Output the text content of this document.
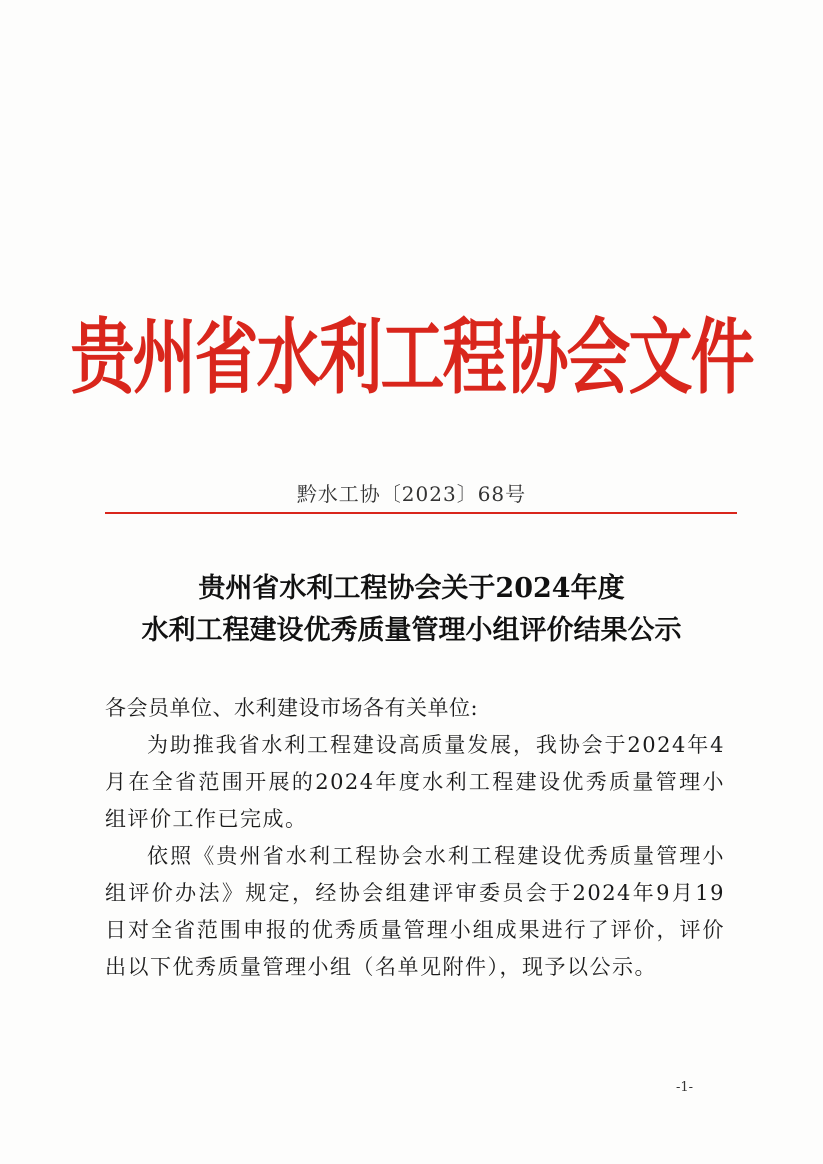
贵州省水利工程协会文件
黔水工协〔2023〕68号
贵州省水利工程协会关于2024年度
水利工程建设优秀质量管理小组评价结果公示

各会员单位、水利建设市场各有关单位:

为助推我省水利工程建设高质量发展，我协会于2024年4月在全省范围开展的2024年度水利工程建设优秀质量管理小组评价工作已完成。

依照《贵州省水利工程协会水利工程建设优秀质量管理小组评价办法》规定，经协会组建评审委员会于2024年9月19日对全省范围申报的优秀质量管理小组成果进行了评价，评价出以下优秀质量管理小组（名单见附件），现予以公示。

-1-
